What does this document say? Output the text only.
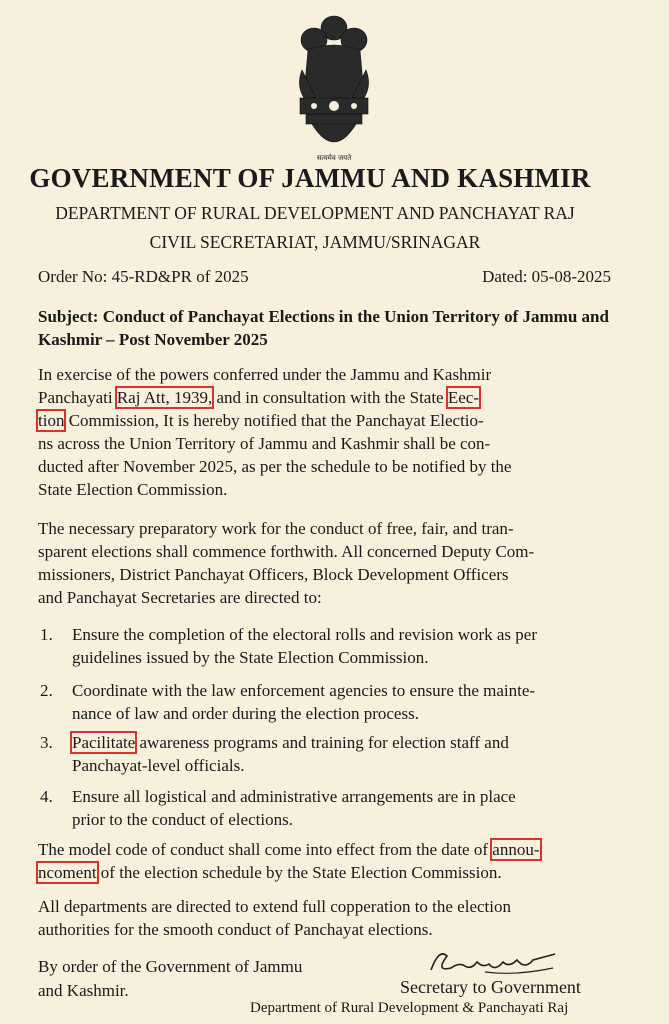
सत्यमेव जयते
GOVERNMENT OF JAMMU AND KASHMIR
DEPARTMENT OF RURAL DEVELOPMENT AND PANCHAYAT RAJ
CIVIL SECRETARIAT, JAMMU/SRINAGAR
Order No: 45-RD&PR of 2025	Dated: 05-08-2025
Subject: Conduct of Panchayat Elections in the Union Territory of Jammu and Kashmir – Post November 2025
In exercise of the powers conferred under the Jammu and Kashmir
Panchayati Raj Att, 1939, and in consultation with the State Eec-
tion Commission, It is hereby notified that the Panchayat Electio-
ns across the Union Territory of Jammu and Kashmir shall be con-
ducted after November 2025, as per the schedule to be notified by the
State Election Commission.
The necessary preparatory work for the conduct of free, fair, and tran-
sparent elections shall commence forthwith. All concerned Deputy Com-
missioners, District Panchayat Officers, Block Development Officers
and Panchayat Secretaries are directed to:
1. Ensure the completion of the electoral rolls and revision work as per
guidelines issued by the State Election Commission.
2. Coordinate with the law enforcement agencies to ensure the mainte-
nance of law and order during the election process.
3. Pacilitate awareness programs and training for election staff and
Panchayat-level officials.
4. Ensure all logistical and administrative arrangements are in place
prior to the conduct of elections.
The model code of conduct shall come into effect from the date of annou-
ncoment of the election schedule by the State Election Commission.
All departments are directed to extend full copperation to the election
authorities for the smooth conduct of Panchayat elections.
By order of the Government of Jammu
and Kashmir.	Secretary to Government
Department of Rural Development & Panchayati Raj
